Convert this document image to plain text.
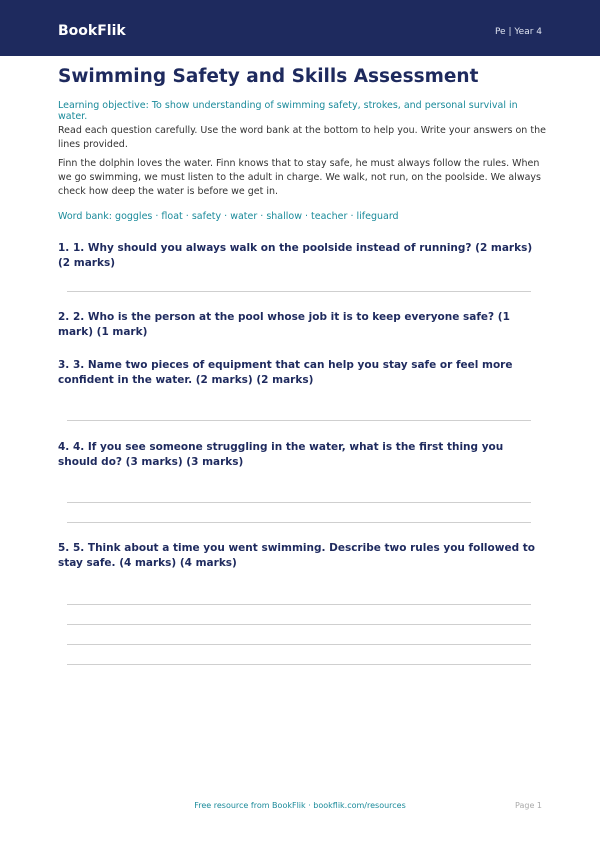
BookFlik	Pe | Year 4
Swimming Safety and Skills Assessment
Learning objective: To show understanding of swimming safety, strokes, and personal survival in water.
Read each question carefully. Use the word bank at the bottom to help you. Write your answers on the lines provided.
Finn the dolphin loves the water. Finn knows that to stay safe, he must always follow the rules. When we go swimming, we must listen to the adult in charge. We walk, not run, on the poolside. We always check how deep the water is before we get in.
Word bank: goggles · float · safety · water · shallow · teacher · lifeguard
1. 1. Why should you always walk on the poolside instead of running? (2 marks) (2 marks)
2. 2. Who is the person at the pool whose job it is to keep everyone safe? (1 mark) (1 mark)
3. 3. Name two pieces of equipment that can help you stay safe or feel more confident in the water. (2 marks) (2 marks)
4. 4. If you see someone struggling in the water, what is the first thing you should do? (3 marks) (3 marks)
5. 5. Think about a time you went swimming. Describe two rules you followed to stay safe. (4 marks) (4 marks)
Free resource from BookFlik · bookflik.com/resources	Page 1
